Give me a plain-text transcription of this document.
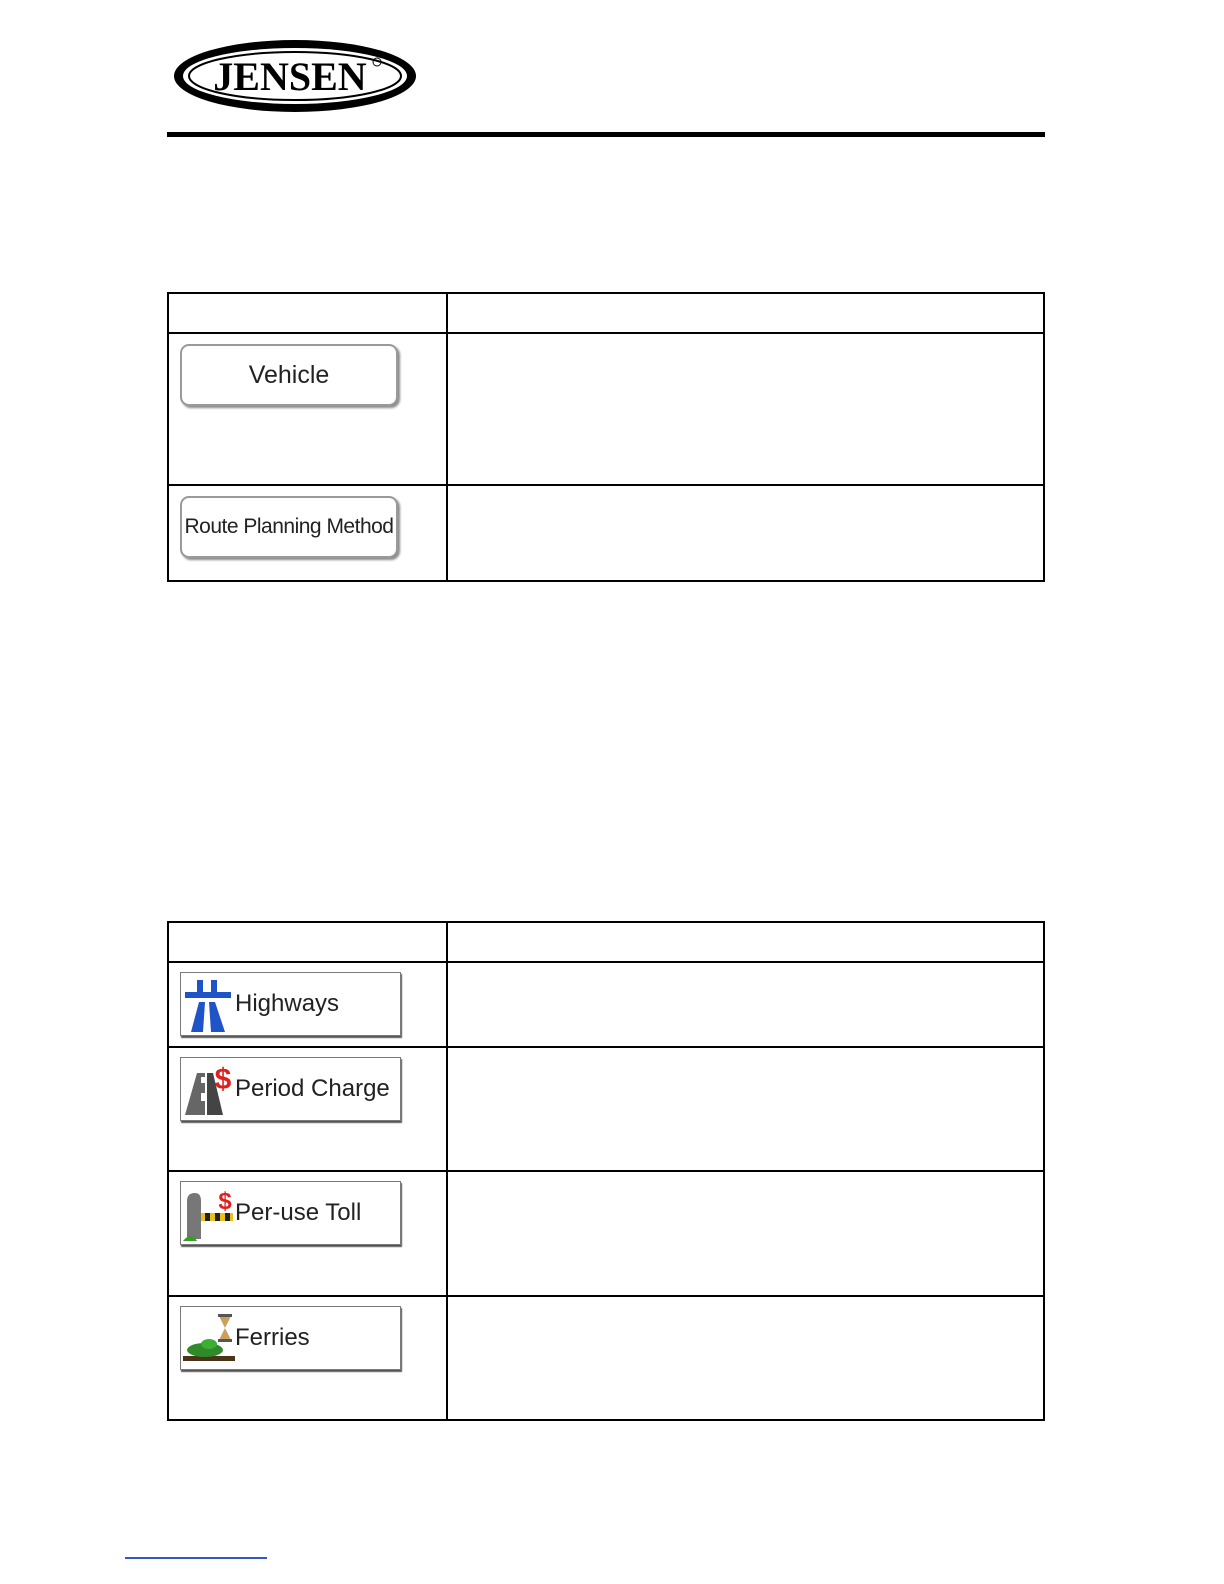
JENSEN

Vehicle	

Route Planning Method	

Highways	

$ Period Charge	

$ Per-use Toll	

Ferries	
